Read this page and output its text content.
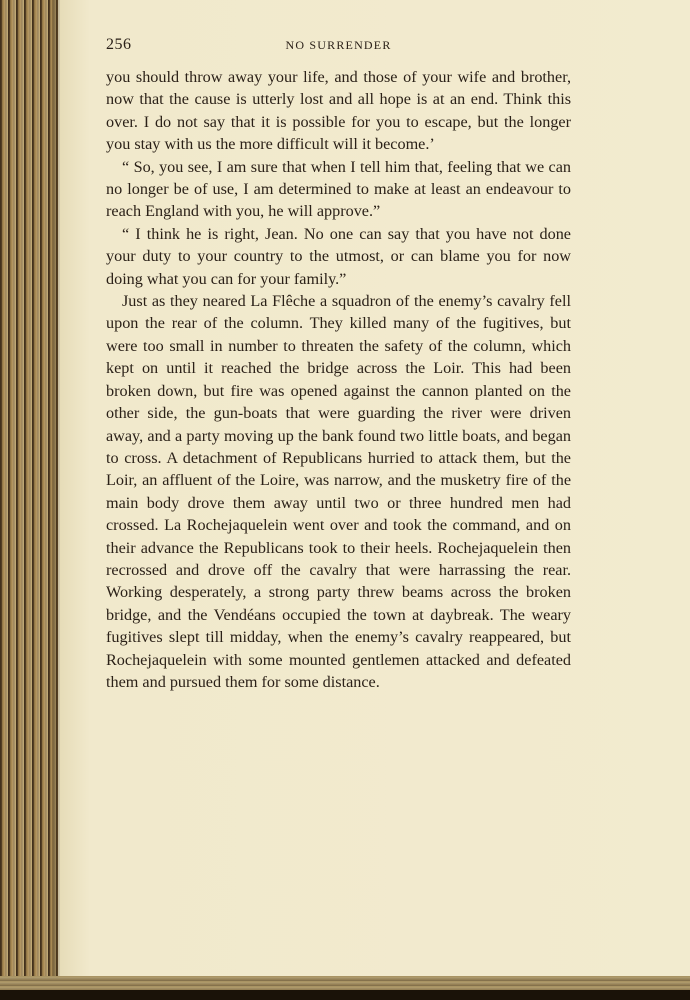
256	NO SURRENDER

you should throw away your life, and those of your wife and brother, now that the cause is utterly lost and all hope is at an end. Think this over. I do not say that it is possible for you to escape, but the longer you stay with us the more difficult will it become.’

“ So, you see, I am sure that when I tell him that, feeling that we can no longer be of use, I am determined to make at least an endeavour to reach England with you, he will approve.”

“ I think he is right, Jean. No one can say that you have not done your duty to your country to the utmost, or can blame you for now doing what you can for your family.”

Just as they neared La Flêche a squadron of the enemy’s cavalry fell upon the rear of the column. They killed many of the fugitives, but were too small in number to threaten the safety of the column, which kept on until it reached the bridge across the Loir. This had been broken down, but fire was opened against the cannon planted on the other side, the gun-boats that were guarding the river were driven away, and a party moving up the bank found two little boats, and began to cross. A detachment of Republicans hurried to attack them, but the Loir, an affluent of the Loire, was narrow, and the musketry fire of the main body drove them away until two or three hundred men had crossed. La Rochejaquelein went over and took the command, and on their advance the Republicans took to their heels. Rochejaquelein then recrossed and drove off the cavalry that were harrassing the rear. Working desperately, a strong party threw beams across the broken bridge, and the Vendéans occupied the town at daybreak. The weary fugitives slept till midday, when the enemy’s cavalry reappeared, but Rochejaquelein with some mounted gentlemen attacked and defeated them and pursued them for some distance.
